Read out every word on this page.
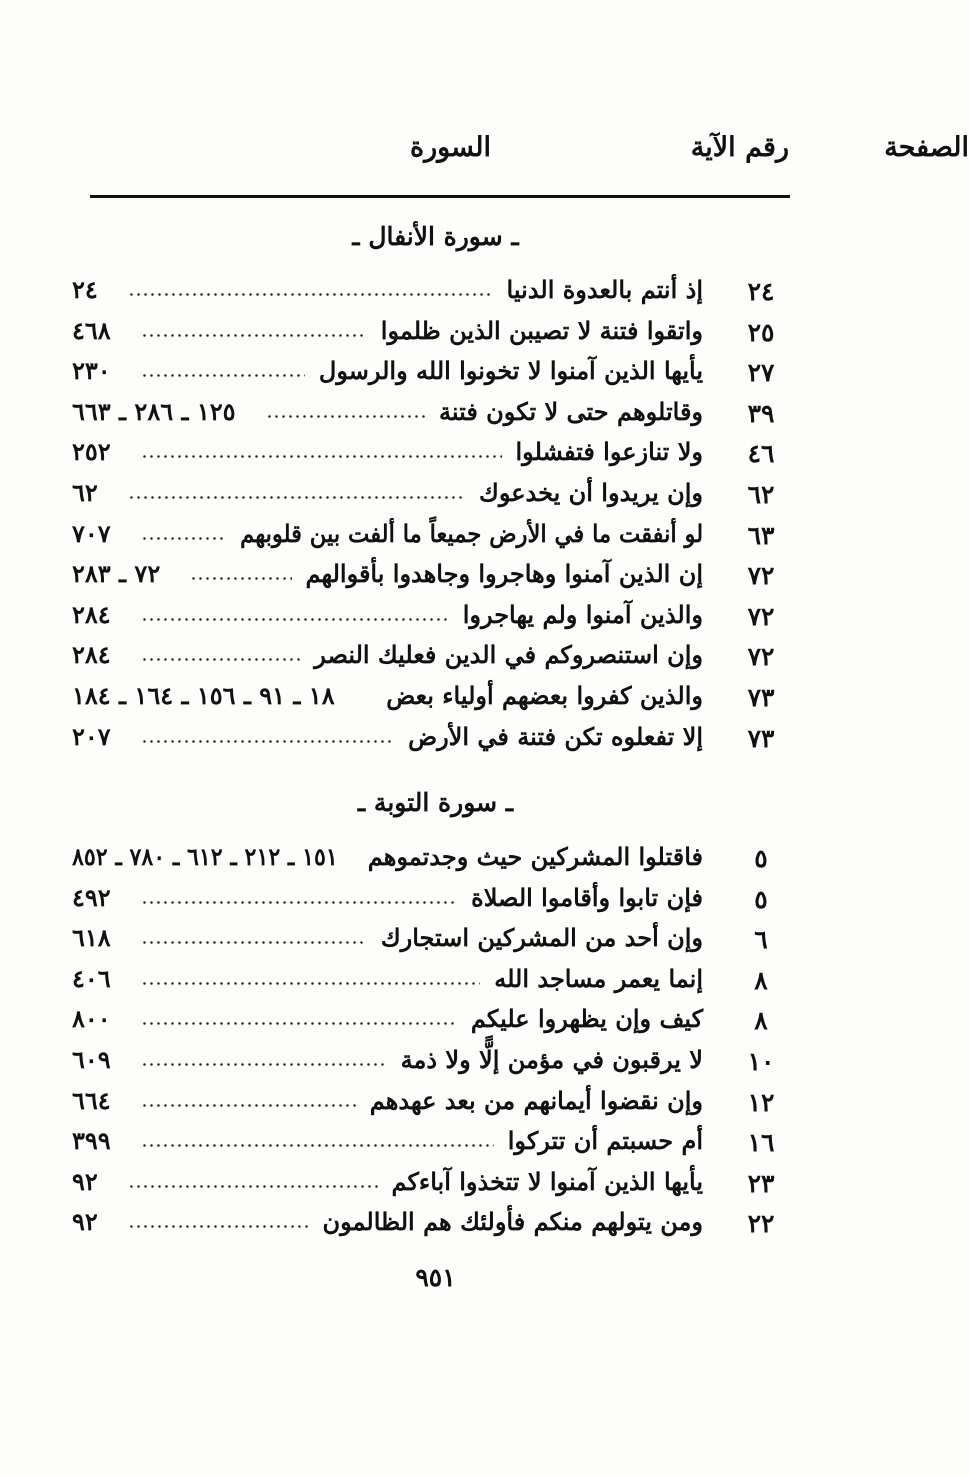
رقم الآية
السورة	الصفحة
ـ سورة الأنفال ـ
٢٤
إذ أنتم بالعدوة الدنيا
٢٤
٢٥
واتقوا فتنة لا تصيبن الذين ظلموا
٤٦٨
٢٧
يأيها الذين آمنوا لا تخونوا الله والرسول
٢٣٠
٣٩
وقاتلوهم حتى لا تكون فتنة
١٢٥ ـ ٢٨٦ ـ ٦٦٣
٤٦
ولا تنازعوا فتفشلوا
٢٥٢
٦٢
وإن يريدوا أن يخدعوك
٦٢
٦٣
لو أنفقت ما في الأرض جميعاً ما ألفت بين قلوبهم
٧٠٧
٧٢
إن الذين آمنوا وهاجروا وجاهدوا بأقوالهم
٧٢ ـ ٢٨٣
٧٢
والذين آمنوا ولم يهاجروا
٢٨٤
٧٢
وإن استنصروكم في الدين فعليك النصر
٢٨٤
٧٣
والذين كفروا بعضهم أولياء بعض
١٨ ـ ٩١ ـ ١٥٦ ـ ١٦٤ ـ ١٨٤
٧٣
إلا تفعلوه تكن فتنة في الأرض
٢٠٧
ـ سورة التوبة ـ
٥
فاقتلوا المشركين حيث وجدتموهم
١٥١ ـ ٢١٢ ـ ٦١٢ ـ ٧٨٠ ـ ٨٥٢
٥
فإن تابوا وأقاموا الصلاة
٤٩٢
٦
وإن أحد من المشركين استجارك
٦١٨
٨
إنما يعمر مساجد الله
٤٠٦
٨
كيف وإن يظهروا عليكم
٨٠٠
١٠
لا يرقبون في مؤمن إلًّا ولا ذمة
٦٠٩
١٢
وإن نقضوا أيمانهم من بعد عهدهم
٦٦٤
١٦
أم حسبتم أن تتركوا
٣٩٩
٢٣
يأيها الذين آمنوا لا تتخذوا آباءكم
٩٢
٢٢
ومن يتولهم منكم فأولئك هم الظالمون
٩٢
٩٥١
